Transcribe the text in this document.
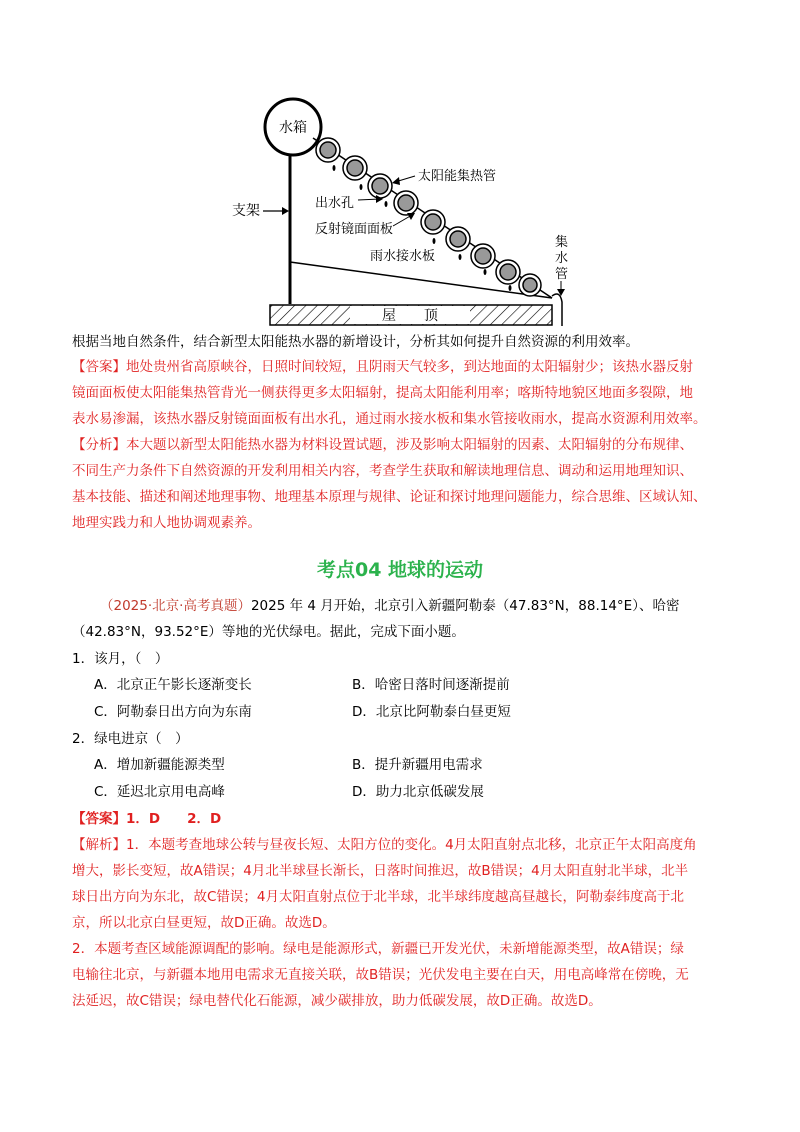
水箱
支架
太阳能集热管
出水孔
反射镜面面板
雨水接水板
集
水
管
屋　　顶
根据当地自然条件，结合新型太阳能热水器的新增设计，分析其如何提升自然资源的利用效率。
【答案】地处贵州省高原峡谷，日照时间较短，且阴雨天气较多，到达地面的太阳辐射少；该热水器反射
镜面面板使太阳能集热管背光一侧获得更多太阳辐射，提高太阳能利用率；喀斯特地貌区地面多裂隙，地
表水易渗漏，该热水器反射镜面面板有出水孔，通过雨水接水板和集水管接收雨水，提高水资源利用效率。
【分析】本大题以新型太阳能热水器为材料设置试题，涉及影响太阳辐射的因素、太阳辐射的分布规律、
不同生产力条件下自然资源的开发利用相关内容，考查学生获取和解读地理信息、调动和运用地理知识、
基本技能、描述和阐述地理事物、地理基本原理与规律、论证和探讨地理问题能力，综合思维、区域认知、
地理实践力和人地协调观素养。
考点04 地球的运动
（2025·北京·高考真题）2025 年 4 月开始，北京引入新疆阿勒泰（47.83°N，88.14°E）、哈密
（42.83°N，93.52°E）等地的光伏绿电。据此，完成下面小题。
1．该月，（　）
A．北京正午影长逐渐变长	B．哈密日落时间逐渐提前
C．阿勒泰日出方向为东南	D．北京比阿勒泰白昼更短
2．绿电进京（　）
A．增加新疆能源类型	B．提升新疆用电需求
C．延迟北京用电高峰	D．助力北京低碳发展
【答案】1．D　　2．D
【解析】1．本题考查地球公转与昼夜长短、太阳方位的变化。4月太阳直射点北移，北京正午太阳高度角
增大，影长变短，故A错误；4月北半球昼长渐长，日落时间推迟，故B错误；4月太阳直射北半球，北半
球日出方向为东北，故C错误；4月太阳直射点位于北半球，北半球纬度越高昼越长，阿勒泰纬度高于北
京，所以北京白昼更短，故D正确。故选D。
2．本题考查区域能源调配的影响。绿电是能源形式，新疆已开发光伏，未新增能源类型，故A错误；绿
电输往北京，与新疆本地用电需求无直接关联，故B错误；光伏发电主要在白天，用电高峰常在傍晚，无
法延迟，故C错误；绿电替代化石能源，减少碳排放，助力低碳发展，故D正确。故选D。
